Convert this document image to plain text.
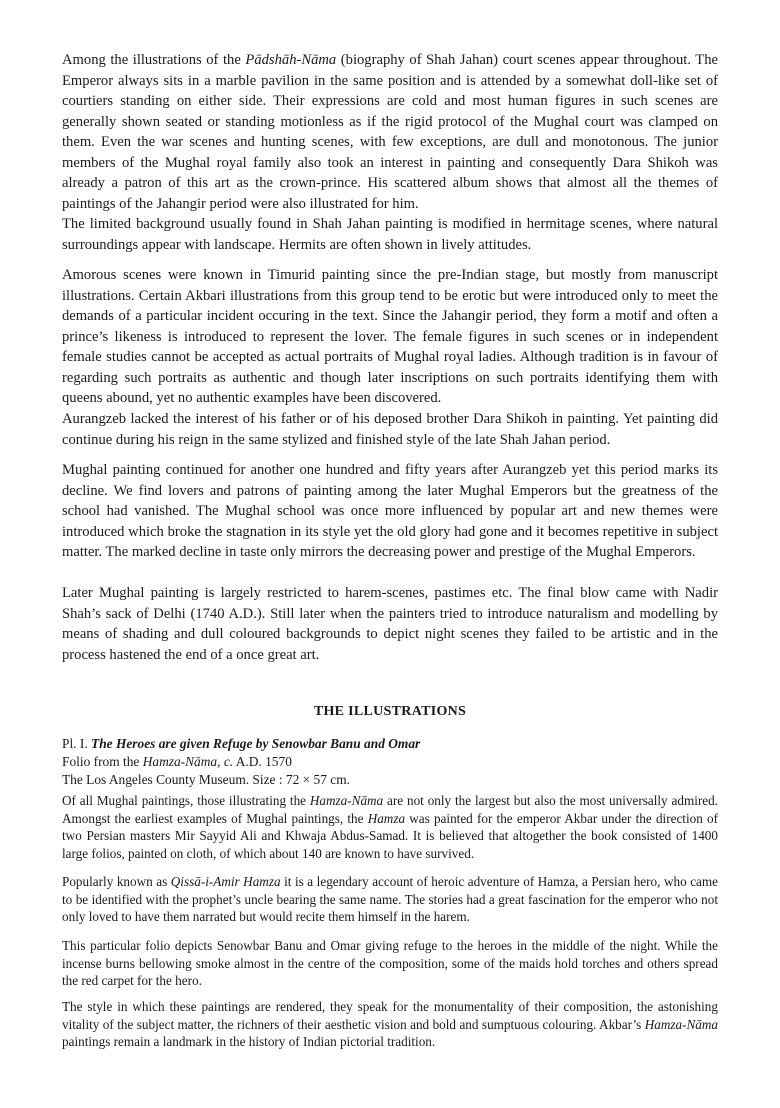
Among the illustrations of the Pādshāh-Nāma (biography of Shah Jahan) court scenes appear throughout. The Emperor always sits in a marble pavilion in the same position and is attended by a somewhat doll-like set of courtiers standing on either side. Their expressions are cold and most human figures in such scenes are generally shown seated or standing motionless as if the rigid protocol of the Mughal court was clamped on them. Even the war scenes and hunting scenes, with few exceptions, are dull and monotonous. The junior members of the Mughal royal family also took an interest in painting and consequently Dara Shikoh was already a patron of this art as the crown-prince. His scattered album shows that almost all the themes of paintings of the Jahangir period were also illustrated for him.

The limited background usually found in Shah Jahan painting is modified in hermitage scenes, where natural surroundings appear with landscape. Hermits are often shown in lively attitudes.

Amorous scenes were known in Timurid painting since the pre-Indian stage, but mostly from manuscript illustrations. Certain Akbari illustrations from this group tend to be erotic but were introduced only to meet the demands of a particular incident occuring in the text. Since the Jahangir period, they form a motif and often a prince’s likeness is introduced to represent the lover. The female figures in such scenes or in independent female studies cannot be accepted as actual portraits of Mughal royal ladies. Although tradition is in favour of regarding such portraits as authentic and though later inscriptions on such portraits identifying them with queens abound, yet no authentic examples have been discovered.

Aurangzeb lacked the interest of his father or of his deposed brother Dara Shikoh in painting. Yet painting did continue during his reign in the same stylized and finished style of the late Shah Jahan period.

Mughal painting continued for another one hundred and fifty years after Aurangzeb yet this period marks its decline. We find lovers and patrons of painting among the later Mughal Emperors but the greatness of the school had vanished. The Mughal school was once more influenced by popular art and new themes were introduced which broke the stagnation in its style yet the old glory had gone and it becomes repetitive in subject matter. The marked decline in taste only mirrors the decreasing power and prestige of the Mughal Emperors.

Later Mughal painting is largely restricted to harem-scenes, pastimes etc. The final blow came with Nadir Shah’s sack of Delhi (1740 A.D.). Still later when the painters tried to introduce naturalism and modelling by means of shading and dull coloured backgrounds to depict night scenes they failed to be artistic and in the process hastened the end of a once great art.

THE ILLUSTRATIONS
Pl. I. The Heroes are given Refuge by Senowbar Banu and Omar
Folio from the Hamza-Nāma, c. A.D. 1570
The Los Angeles County Museum. Size : 72 × 57 cm.

Of all Mughal paintings, those illustrating the Hamza-Nāma are not only the largest but also the most universally admired. Amongst the earliest examples of Mughal paintings, the Hamza was painted for the emperor Akbar under the direction of two Persian masters Mir Sayyid Ali and Khwaja Abdus-Samad. It is believed that altogether the book consisted of 1400 large folios, painted on cloth, of which about 140 are known to have survived.

Popularly known as Qissā-i-Amir Hamza it is a legendary account of heroic adventure of Hamza, a Persian hero, who came to be identified with the prophet’s uncle bearing the same name. The stories had a great fascination for the emperor who not only loved to have them narrated but would recite them himself in the harem.

This particular folio depicts Senowbar Banu and Omar giving refuge to the heroes in the middle of the night. While the incense burns bellowing smoke almost in the centre of the composition, some of the maids hold torches and others spread the red carpet for the hero.

The style in which these paintings are rendered, they speak for the monumentality of their composition, the astonishing vitality of the subject matter, the richners of their aesthetic vision and bold and sumptuous colouring. Akbar’s Hamza-Nāma paintings remain a landmark in the history of Indian pictorial tradition.
